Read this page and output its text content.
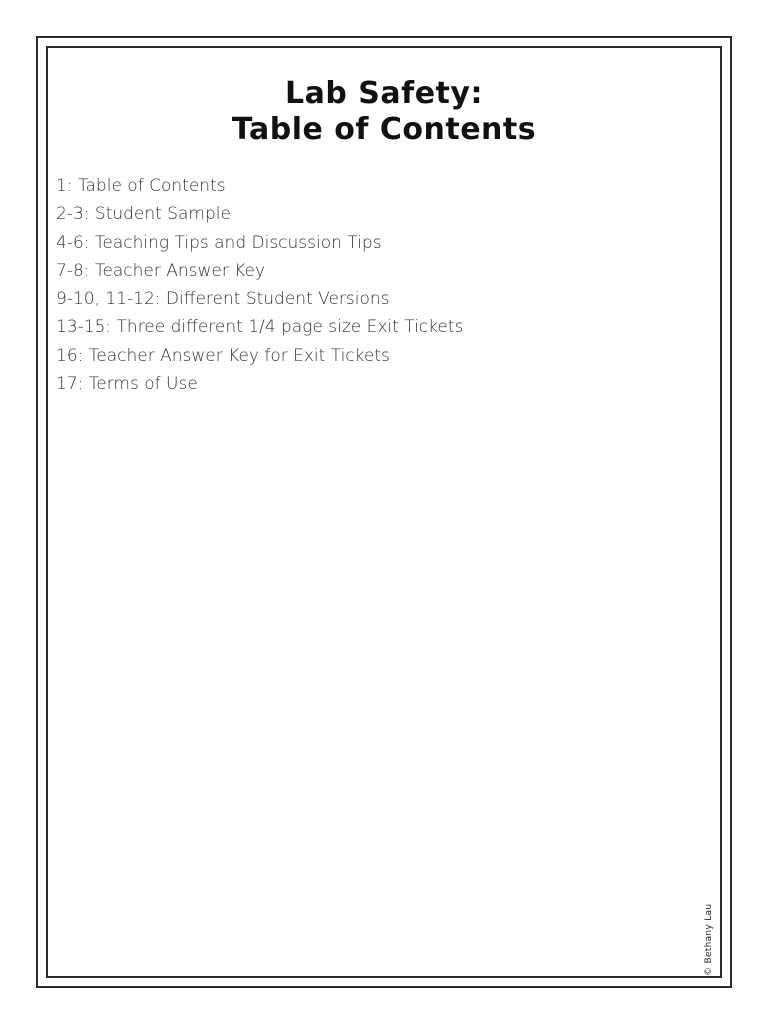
Lab Safety:
Table of Contents
1: Table of Contents
2-3: Student Sample
4-6: Teaching Tips and Discussion Tips
7-8: Teacher Answer Key
9-10, 11-12: Different Student Versions
13-15: Three different 1/4 page size Exit Tickets
16: Teacher Answer Key for Exit Tickets
17: Terms of Use
© Bethany Lau
